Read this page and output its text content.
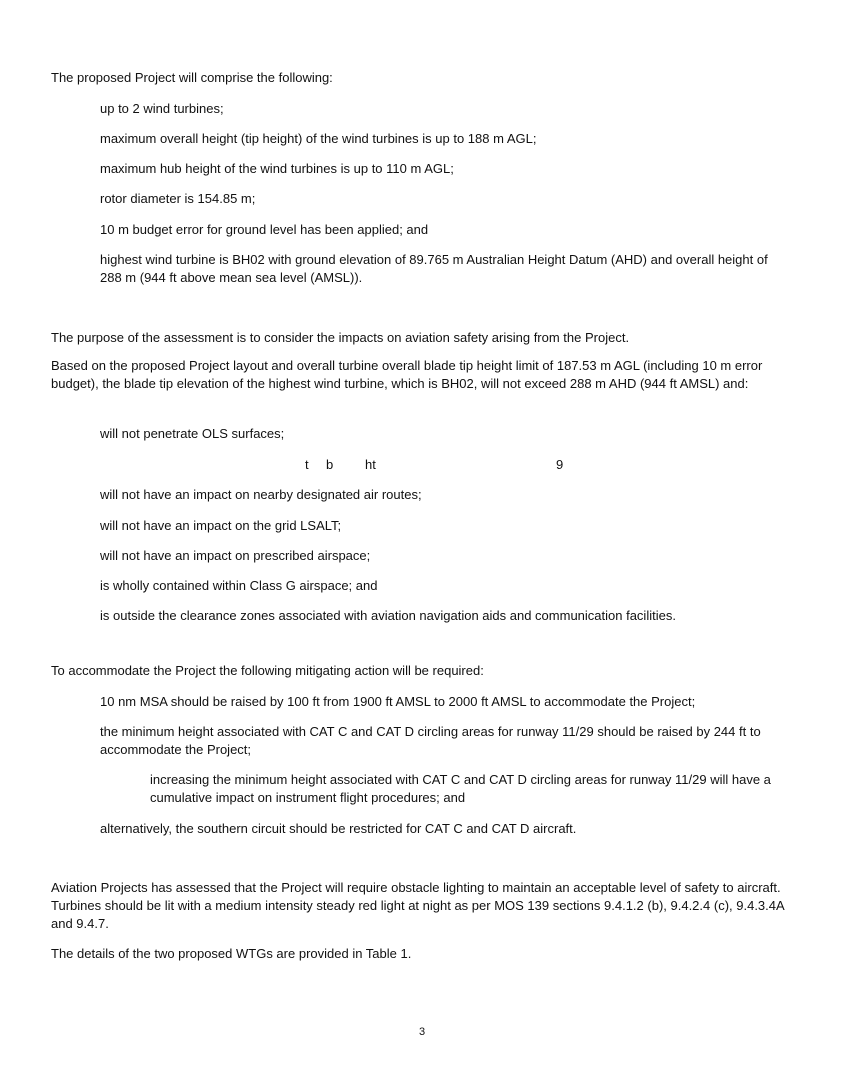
The proposed Project will comprise the following:

up to 2 wind turbines;

maximum overall height (tip height) of the wind turbines is up to 188 m AGL;

maximum hub height of the wind turbines is up to 110 m AGL;

rotor diameter is 154.85 m;

10 m budget error for ground level has been applied; and

highest wind turbine is BH02 with ground elevation of 89.765 m Australian Height Datum (AHD) and overall height of 288 m (944 ft above mean sea level (AMSL)).

The purpose of the assessment is to consider the impacts on aviation safety arising from the Project.

Based on the proposed Project layout and overall turbine overall blade tip height limit of 187.53 m AGL (including 10 m error budget), the blade tip elevation of the highest wind turbine, which is BH02, will not exceed 288 m AHD (944 ft AMSL) and:

will not penetrate OLS surfaces;

t b ht	9

will not have an impact on nearby designated air routes;

will not have an impact on the grid LSALT;

will not have an impact on prescribed airspace;

is wholly contained within Class G airspace; and

is outside the clearance zones associated with aviation navigation aids and communication facilities.

To accommodate the Project the following mitigating action will be required:

10 nm MSA should be raised by 100 ft from 1900 ft AMSL to 2000 ft AMSL to accommodate the Project;

the minimum height associated with CAT C and CAT D circling areas for runway 11/29 should be raised by 244 ft to accommodate the Project;

increasing the minimum height associated with CAT C and CAT D circling areas for runway 11/29 will have a cumulative impact on instrument flight procedures; and

alternatively, the southern circuit should be restricted for CAT C and CAT D aircraft.

Aviation Projects has assessed that the Project will require obstacle lighting to maintain an acceptable level of safety to aircraft. Turbines should be lit with a medium intensity steady red light at night as per MOS 139 sections 9.4.1.2 (b), 9.4.2.4 (c), 9.4.3.4A and 9.4.7.

The details of the two proposed WTGs are provided in Table 1.

3
